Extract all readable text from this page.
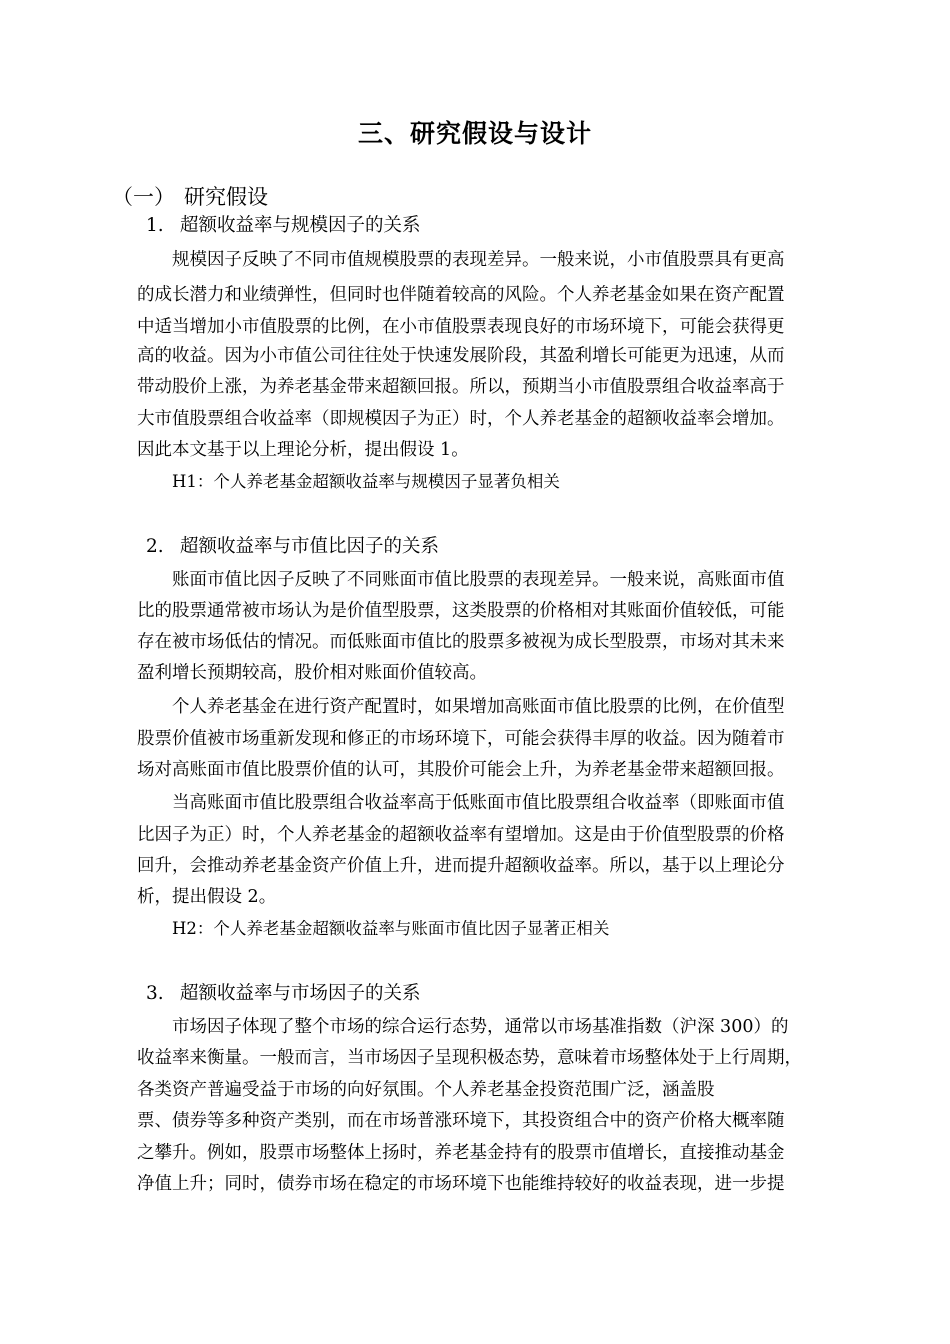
三、研究假设与设计
（一） 研究假设
1. 超额收益率与规模因子的关系
规模因子反映了不同市值规模股票的表现差异。一般来说，小市值股票具有更高
的成长潜力和业绩弹性，但同时也伴随着较高的风险。个人养老基金如果在资产配置
中适当增加小市值股票的比例，在小市值股票表现良好的市场环境下，可能会获得更
高的收益。因为小市值公司往往处于快速发展阶段，其盈利增长可能更为迅速，从而
带动股价上涨，为养老基金带来超额回报。所以，预期当小市值股票组合收益率高于
大市值股票组合收益率（即规模因子为正）时，个人养老基金的超额收益率会增加。
因此本文基于以上理论分析，提出假设 1。
H1：个人养老基金超额收益率与规模因子显著负相关
2. 超额收益率与市值比因子的关系
账面市值比因子反映了不同账面市值比股票的表现差异。一般来说，高账面市值
比的股票通常被市场认为是价值型股票，这类股票的价格相对其账面价值较低，可能
存在被市场低估的情况。而低账面市值比的股票多被视为成长型股票，市场对其未来
盈利增长预期较高，股价相对账面价值较高。
个人养老基金在进行资产配置时，如果增加高账面市值比股票的比例，在价值型
股票价值被市场重新发现和修正的市场环境下，可能会获得丰厚的收益。因为随着市
场对高账面市值比股票价值的认可，其股价可能会上升，为养老基金带来超额回报。
当高账面市值比股票组合收益率高于低账面市值比股票组合收益率（即账面市值
比因子为正）时，个人养老基金的超额收益率有望增加。这是由于价值型股票的价格
回升，会推动养老基金资产价值上升，进而提升超额收益率。所以，基于以上理论分
析，提出假设 2。
H2：个人养老基金超额收益率与账面市值比因子显著正相关
3. 超额收益率与市场因子的关系
市场因子体现了整个市场的综合运行态势，通常以市场基准指数（沪深 300）的
收益率来衡量。一般而言，当市场因子呈现积极态势，意味着市场整体处于上行周期，
各类资产普遍受益于市场的向好氛围。个人养老基金投资范围广泛，涵盖股
票、债券等多种资产类别，而在市场普涨环境下，其投资组合中的资产价格大概率随
之攀升。例如，股票市场整体上扬时，养老基金持有的股票市值增长，直接推动基金
净值上升；同时，债券市场在稳定的市场环境下也能维持较好的收益表现，进一步提
